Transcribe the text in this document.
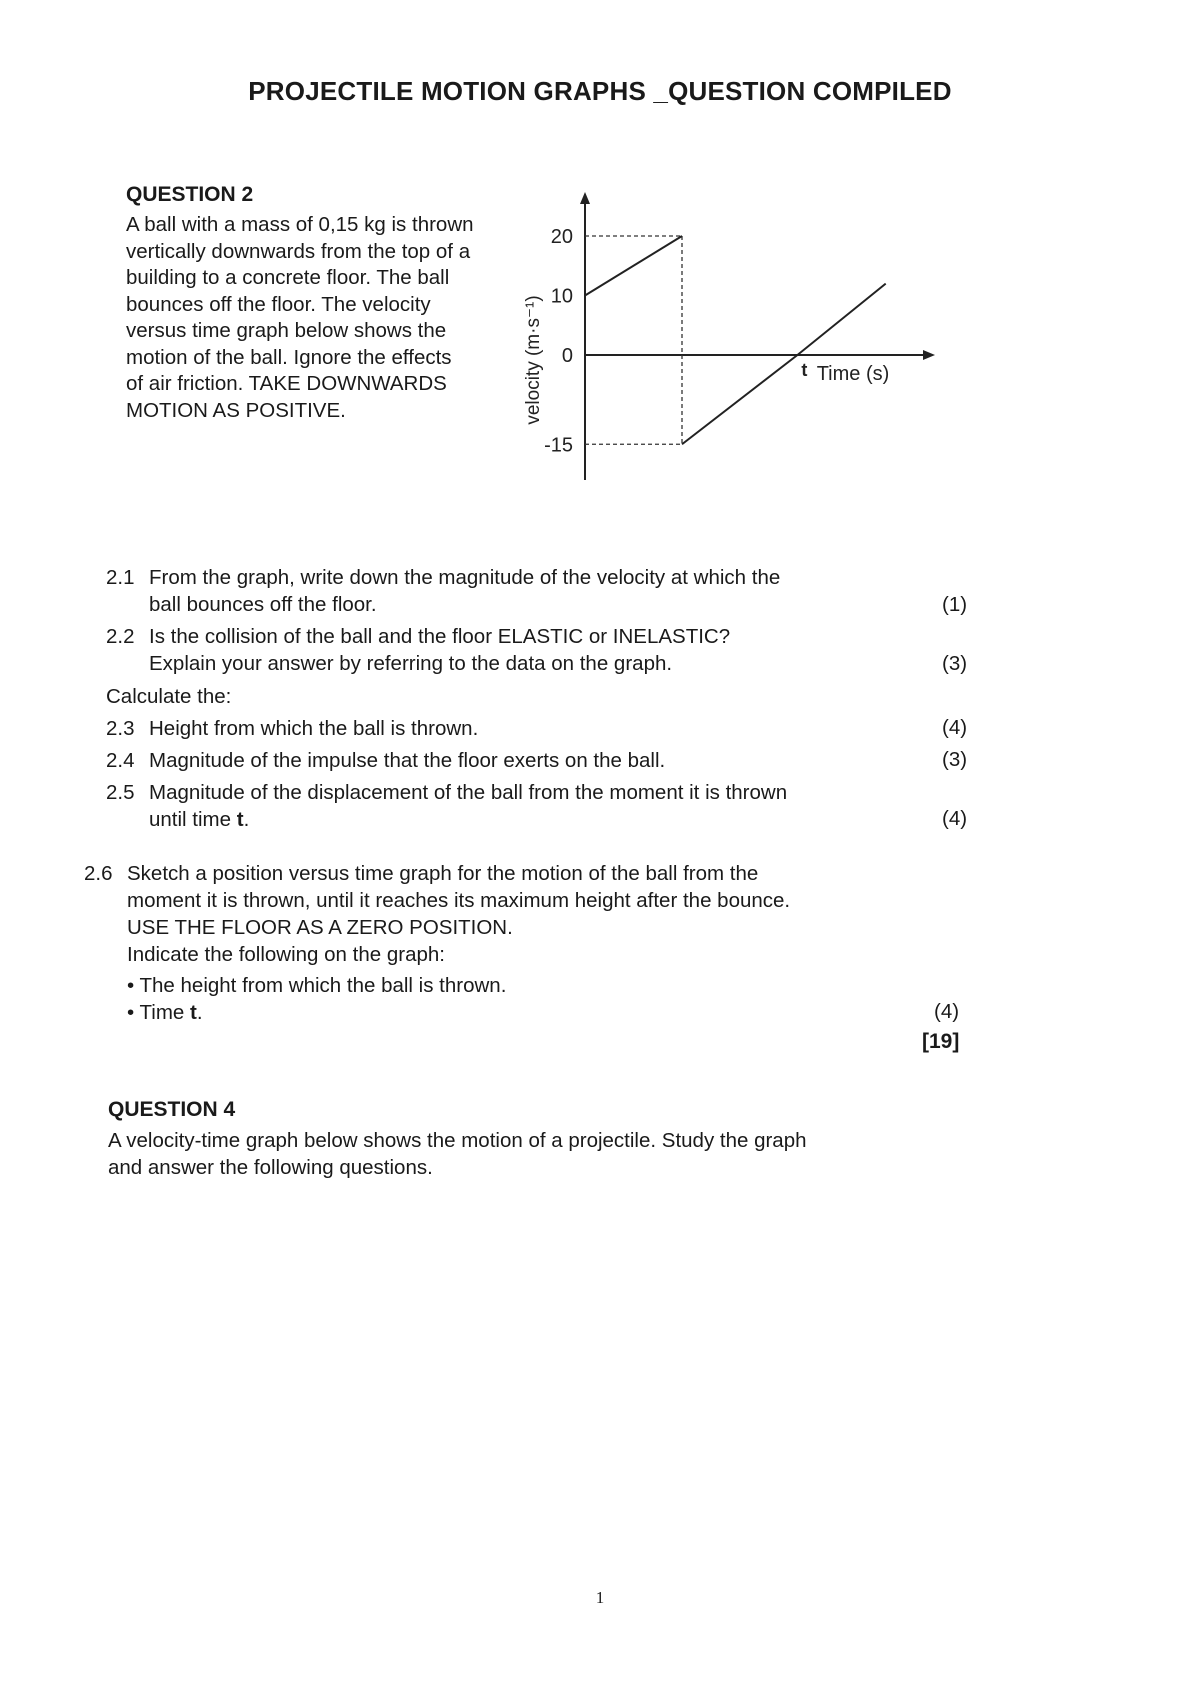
PROJECTILE MOTION GRAPHS _QUESTION COMPILED
QUESTION 2
A ball with a mass of 0,15 kg is thrown
vertically downwards from the top of a
building to a concrete floor. The ball
bounces off the floor. The velocity
versus time graph below shows the
motion of the ball. Ignore the effects
of air friction. TAKE DOWNWARDS
MOTION AS POSITIVE.
20
10
0
-15
velocity (m·s⁻¹)	Time (s)
t
2.1 From the graph, write down the magnitude of the velocity at which the
ball bounces off the floor.	(1)
2.2 Is the collision of the ball and the floor ELASTIC or INELASTIC?
Explain your answer by referring to the data on the graph.	(3)
Calculate the:
2.3 Height from which the ball is thrown.	(4)
2.4 Magnitude of the impulse that the floor exerts on the ball.	(3)
2.5 Magnitude of the displacement of the ball from the moment it is thrown
until time t.	(4)
2.6 Sketch a position versus time graph for the motion of the ball from the
moment it is thrown, until it reaches its maximum height after the bounce.
USE THE FLOOR AS A ZERO POSITION.
Indicate the following on the graph:
• The height from which the ball is thrown.
• Time t.	(4)
[19]
QUESTION 4
A velocity-time graph below shows the motion of a projectile. Study the graph
and answer the following questions.
1
